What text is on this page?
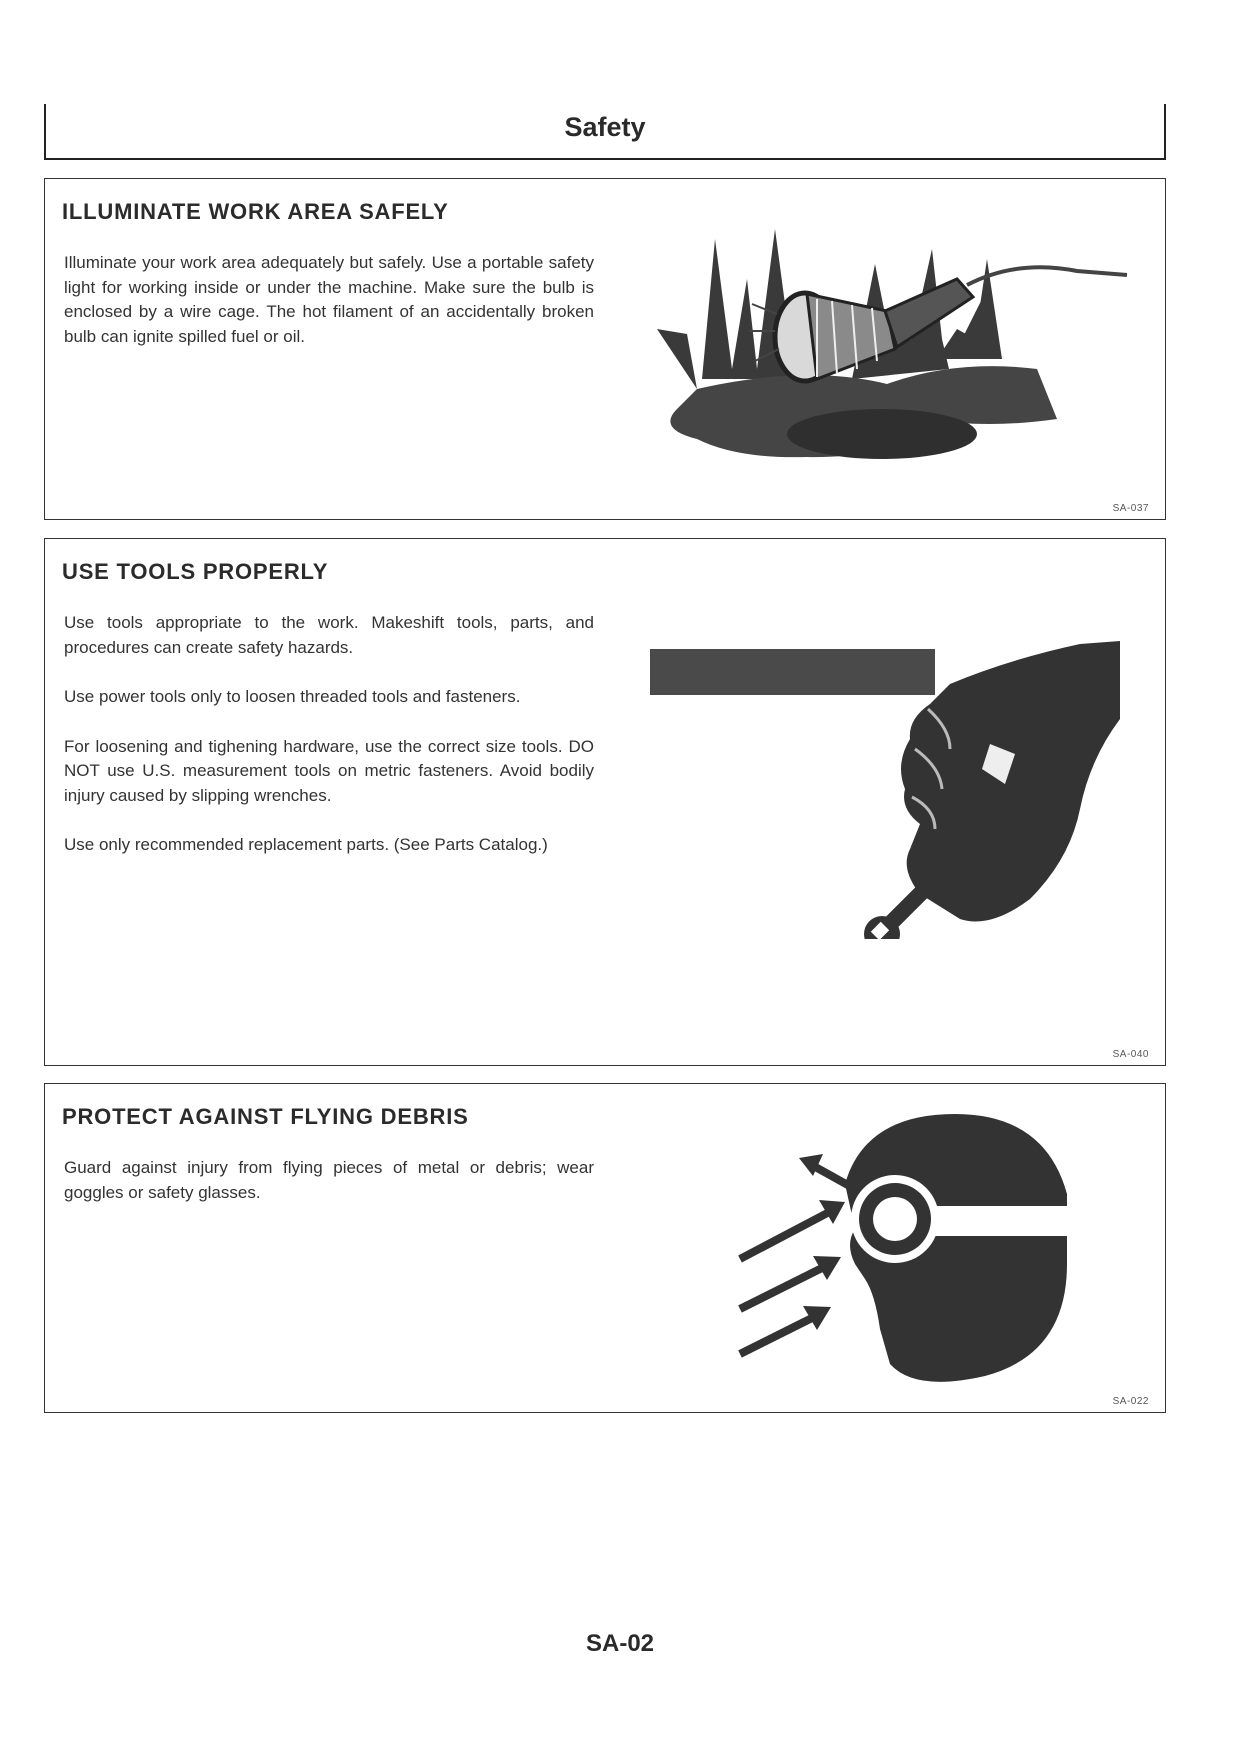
Safety
ILLUMINATE WORK AREA SAFELY

Illuminate your work area adequately but safely. Use a portable safety light for working inside or under the machine. Make sure the bulb is enclosed by a wire cage. The hot filament of an accidentally broken bulb can ignite spilled fuel or oil.

SA-037
USE TOOLS PROPERLY

Use tools appropriate to the work. Makeshift tools, parts, and procedures can create safety hazards.

Use power tools only to loosen threaded tools and fasteners.

For loosening and tighening hardware, use the correct size tools. DO NOT use U.S. measurement tools on metric fasteners. Avoid bodily injury caused by slipping wrenches.

Use only recommended replacement parts. (See Parts Catalog.)

SA-040
PROTECT AGAINST FLYING DEBRIS

Guard against injury from flying pieces of metal or debris; wear goggles or safety glasses.

SA-022
SA-02
